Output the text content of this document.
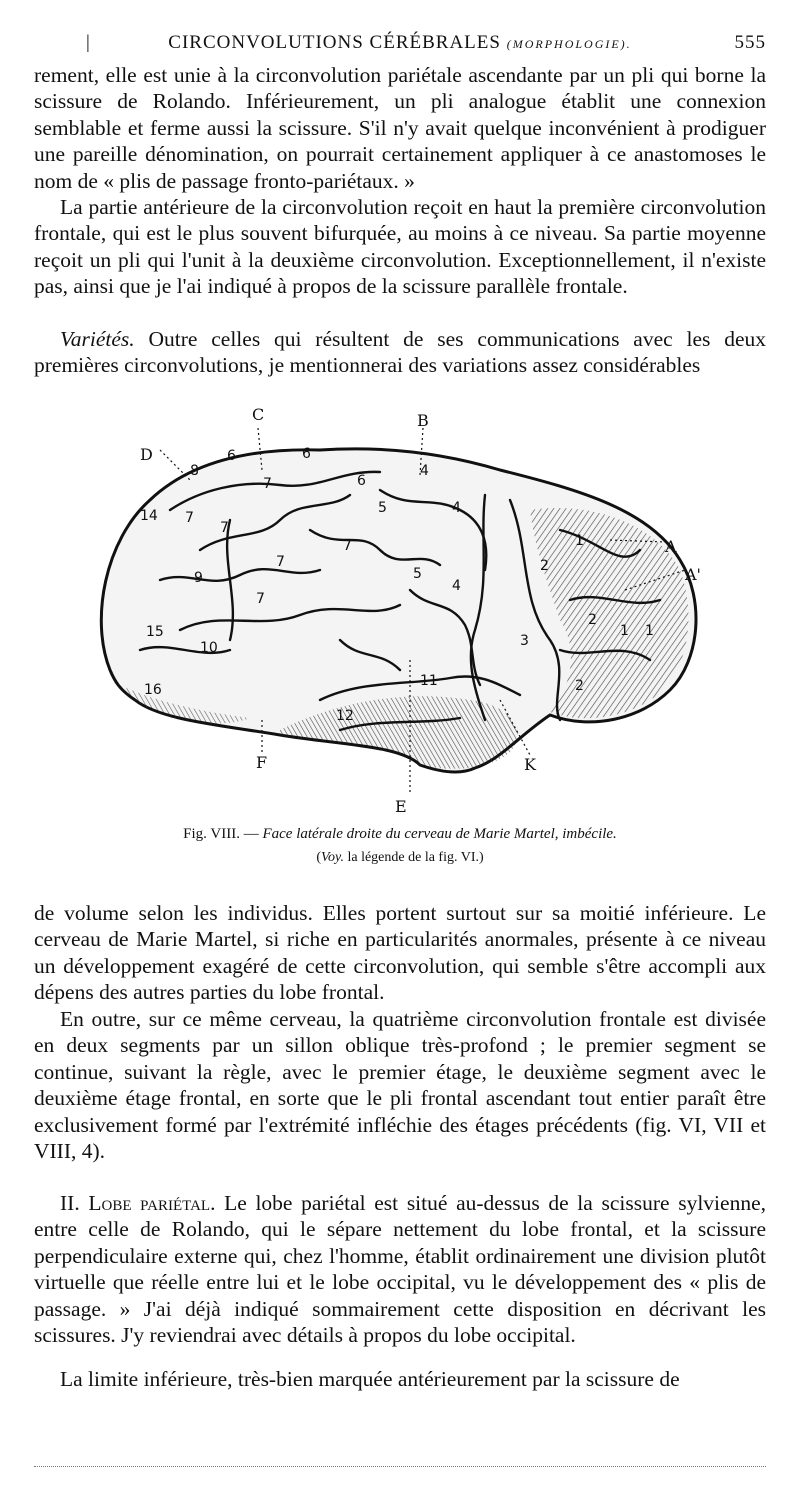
|	CIRCONVOLUTIONS CÉRÉBRALES (MORPHOLOGIE).	555

rement, elle est unie à la circonvolution pariétale ascendante par un pli qui borne la scissure de Rolando. Inférieurement, un pli analogue établit une connexion semblable et ferme aussi la scissure. S'il n'y avait quelque inconvénient à prodiguer une pareille dénomination, on pourrait certainement appliquer à ce anastomoses le nom de « plis de passage fronto-pariétaux. »

La partie antérieure de la circonvolution reçoit en haut la première circonvolution frontale, qui est le plus souvent bifurquée, au moins à ce niveau. Sa partie moyenne reçoit un pli qui l'unit à la deuxième circonvolution. Exceptionnellement, il n'existe pas, ainsi que je l'ai indiqué à propos de la scissure parallèle frontale.

Variétés. Outre celles qui résultent de ses communications avec les deux premières circonvolutions, je mentionnerai des variations assez considérables

C	B
D
A
A'
E
F	K
1
1 1
2
2
2
3
4
4
4
5
5
6	6
6
7
7
7
7
7
7
8
9
10
11
12
14
15
16
Fig. VIII. — Face latérale droite du cerveau de Marie Martel, imbécile.
(Voy. la légende de la fig. VI.)

de volume selon les individus. Elles portent surtout sur sa moitié inférieure. Le cerveau de Marie Martel, si riche en particularités anormales, présente à ce niveau un développement exagéré de cette circonvolution, qui semble s'être accompli aux dépens des autres parties du lobe frontal.

En outre, sur ce même cerveau, la quatrième circonvolution frontale est divisée en deux segments par un sillon oblique très-profond ; le premier segment se continue, suivant la règle, avec le premier étage, le deuxième segment avec le deuxième étage frontal, en sorte que le pli frontal ascendant tout entier paraît être exclusivement formé par l'extrémité infléchie des étages précédents (fig. VI, VII et VIII, 4).

II. Lobe pariétal. Le lobe pariétal est situé au-dessus de la scissure sylvienne, entre celle de Rolando, qui le sépare nettement du lobe frontal, et la scissure perpendiculaire externe qui, chez l'homme, établit ordinairement une division plutôt virtuelle que réelle entre lui et le lobe occipital, vu le développement des « plis de passage. » J'ai déjà indiqué sommairement cette disposition en décrivant les scissures. J'y reviendrai avec détails à propos du lobe occipital.

La limite inférieure, très-bien marquée antérieurement par la scissure de
